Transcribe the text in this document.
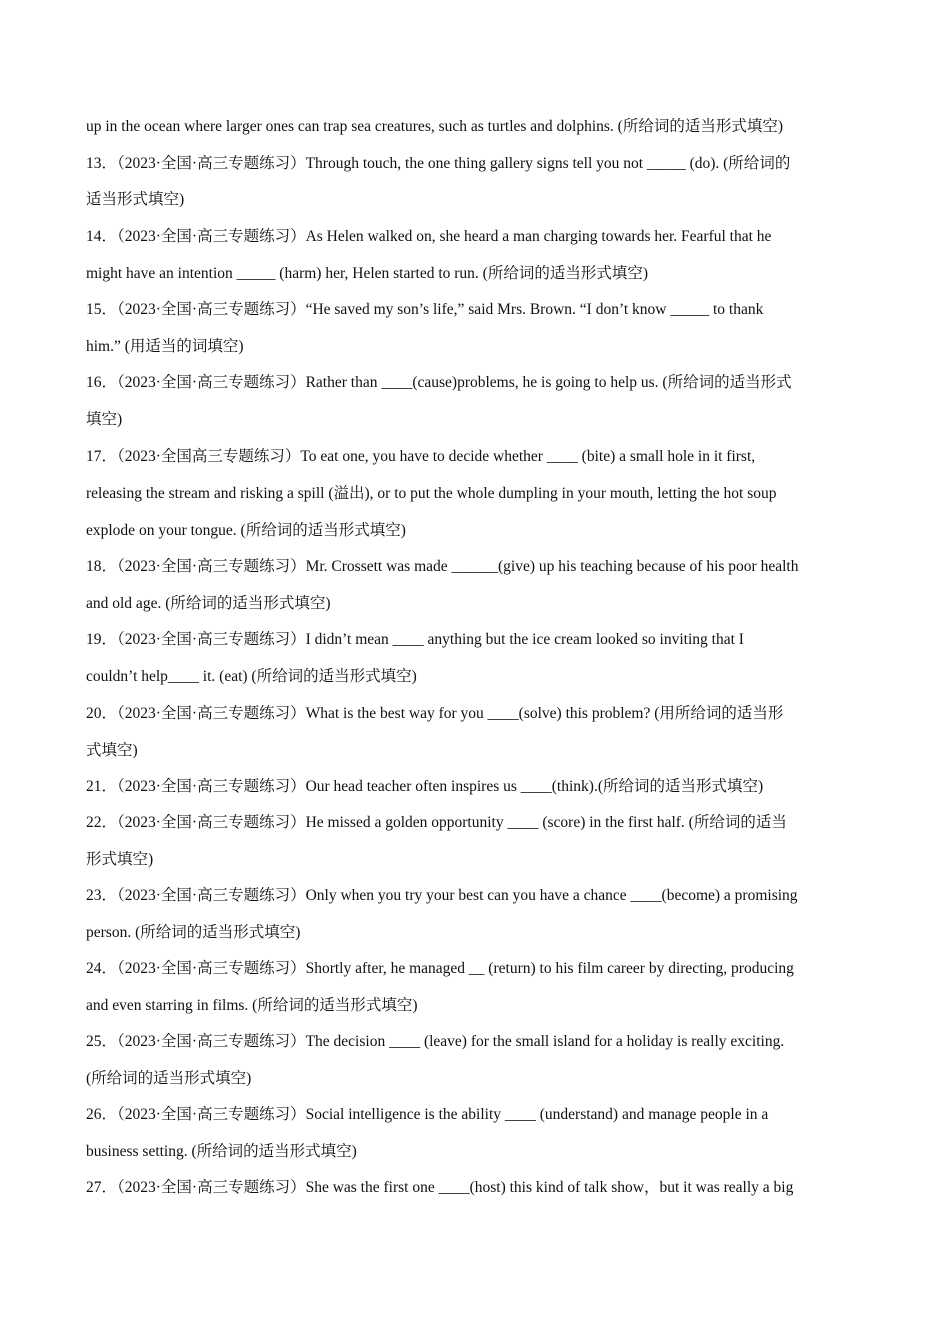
up in the ocean where larger ones can trap sea creatures, such as turtles and dolphins. (所给词的适当形式填空)
13．（2023·全国·高三专题练习）Through touch, the one thing gallery signs tell you not _____ (do). (所给词的
适当形式填空)
14．（2023·全国·高三专题练习）As Helen walked on, she heard a man charging towards her. Fearful that he
might have an intention _____ (harm) her, Helen started to run. (所给词的适当形式填空)
15．（2023·全国·高三专题练习）“He saved my son’s life,” said Mrs. Brown. “I don’t know _____ to thank
him.” (用适当的词填空)
16．（2023·全国·高三专题练习）Rather than ____(cause)problems, he is going to help us. (所给词的适当形式
填空)
17．（2023·全国高三专题练习）To eat one, you have to decide whether ____ (bite) a small hole in it first,
releasing the stream and risking a spill (溢出), or to put the whole dumpling in your mouth, letting the hot soup
explode on your tongue. (所给词的适当形式填空)
18．（2023·全国·高三专题练习）Mr. Crossett was made ______(give) up his teaching because of his poor health
and old age. (所给词的适当形式填空)
19．（2023·全国·高三专题练习）I didn’t mean ____ anything but the ice cream looked so inviting that I
couldn’t help____ it. (eat) (所给词的适当形式填空)
20．（2023·全国·高三专题练习）What is the best way for you ____(solve) this problem? (用所给词的适当形
式填空)
21．（2023·全国·高三专题练习）Our head teacher often inspires us ____(think).(所给词的适当形式填空)
22．（2023·全国·高三专题练习）He missed a golden opportunity ____ (score) in the first half. (所给词的适当
形式填空)
23．（2023·全国·高三专题练习）Only when you try your best can you have a chance ____(become) a promising
person. (所给词的适当形式填空)
24．（2023·全国·高三专题练习）Shortly after, he managed __ (return) to his film career by directing, producing
and even starring in films. (所给词的适当形式填空)
25．（2023·全国·高三专题练习）The decision ____ (leave) for the small island for a holiday is really exciting.
(所给词的适当形式填空)
26．（2023·全国·高三专题练习）Social intelligence is the ability ____ (understand) and manage people in a
business setting. (所给词的适当形式填空)
27．（2023·全国·高三专题练习）She was the first one ____(host) this kind of talk show，but it was really a big
